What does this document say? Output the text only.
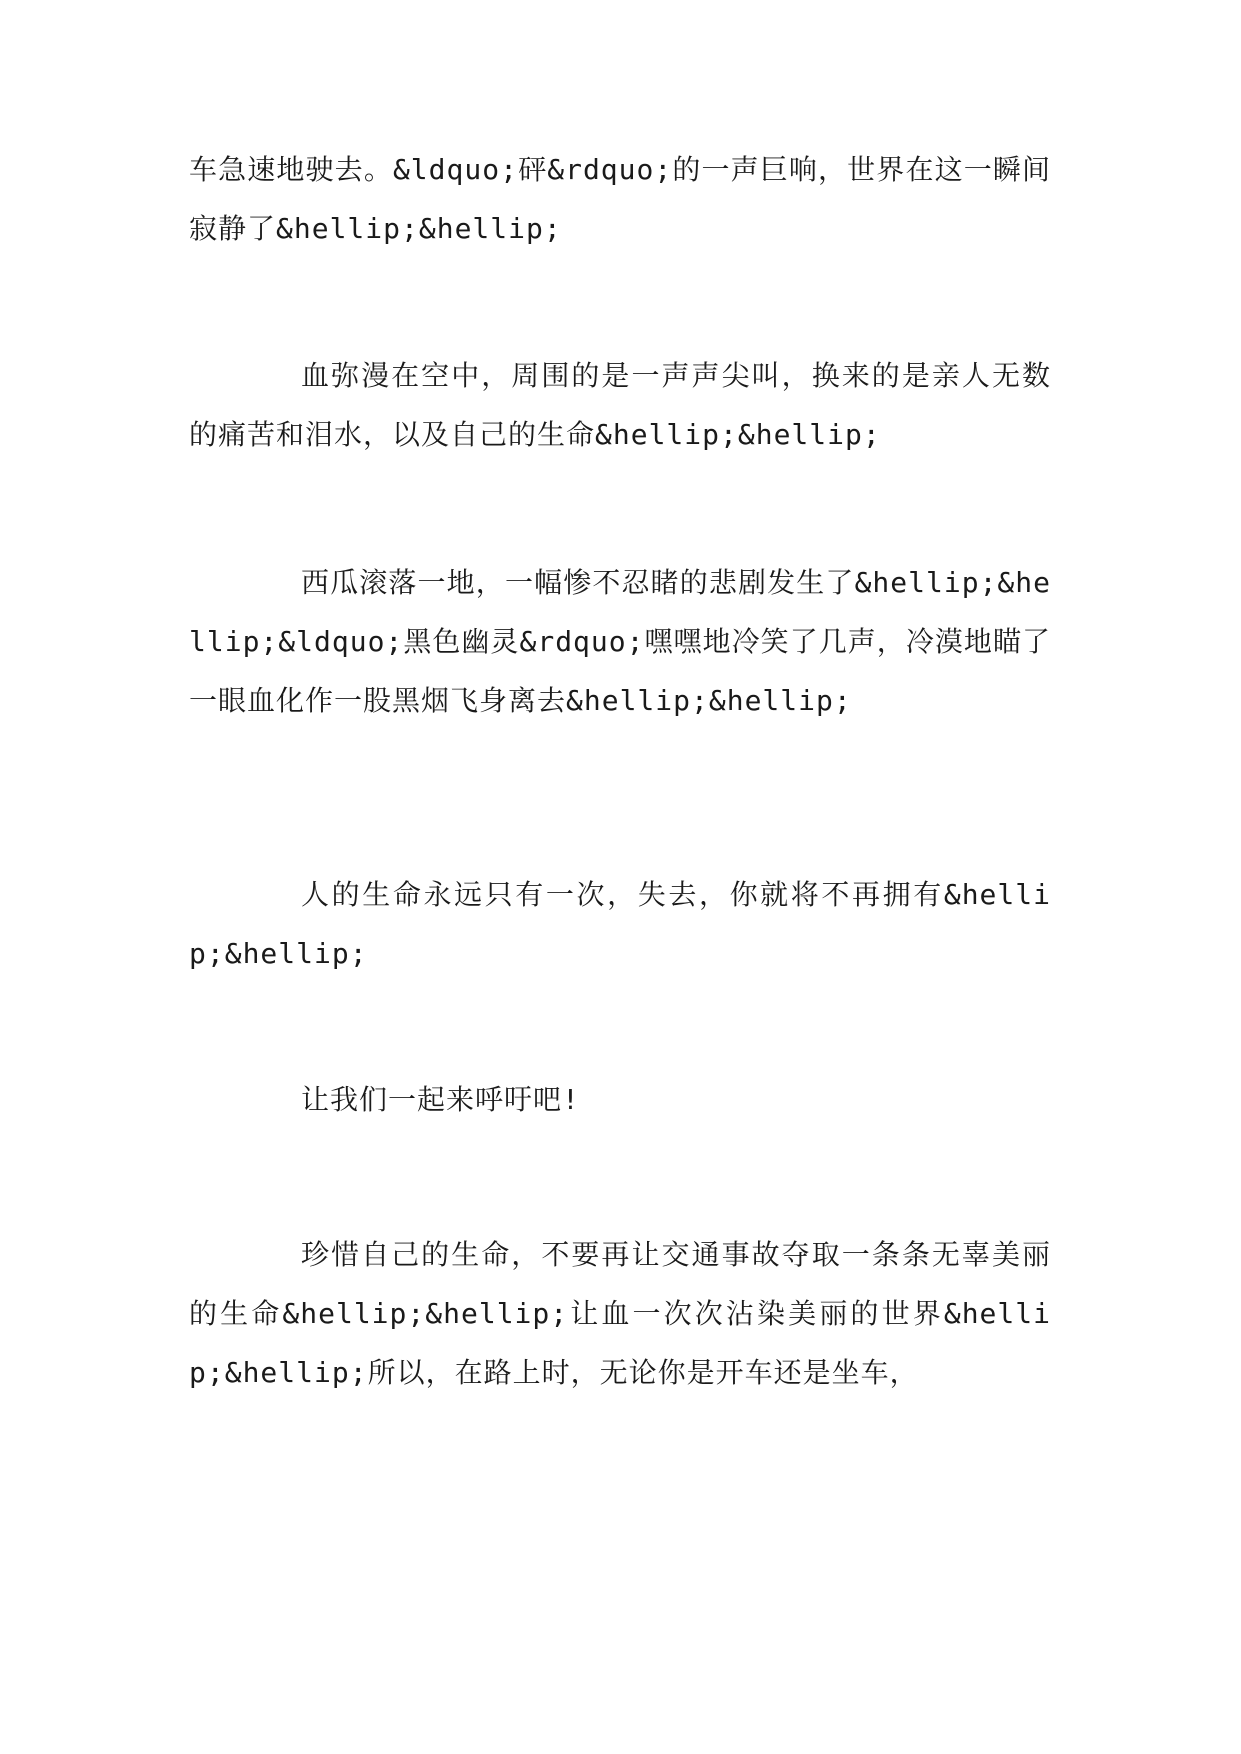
车急速地驶去。&ldquo;砰&rdquo;的一声巨响，世界在这一瞬间寂静了&hellip;&hellip;

血弥漫在空中，周围的是一声声尖叫，换来的是亲人无数的痛苦和泪水，以及自己的生命&hellip;&hellip;

西瓜滚落一地，一幅惨不忍睹的悲剧发生了&hellip;&hellip;&ldquo;黑色幽灵&rdquo;嘿嘿地冷笑了几声，冷漠地瞄了一眼血化作一股黑烟飞身离去&hellip;&hellip;

人的生命永远只有一次，失去，你就将不再拥有&hellip;&hellip;

让我们一起来呼吁吧!

珍惜自己的生命，不要再让交通事故夺取一条条无辜美丽的生命&hellip;&hellip;让血一次次沾染美丽的世界&hellip;&hellip;所以，在路上时，无论你是开车还是坐车，
